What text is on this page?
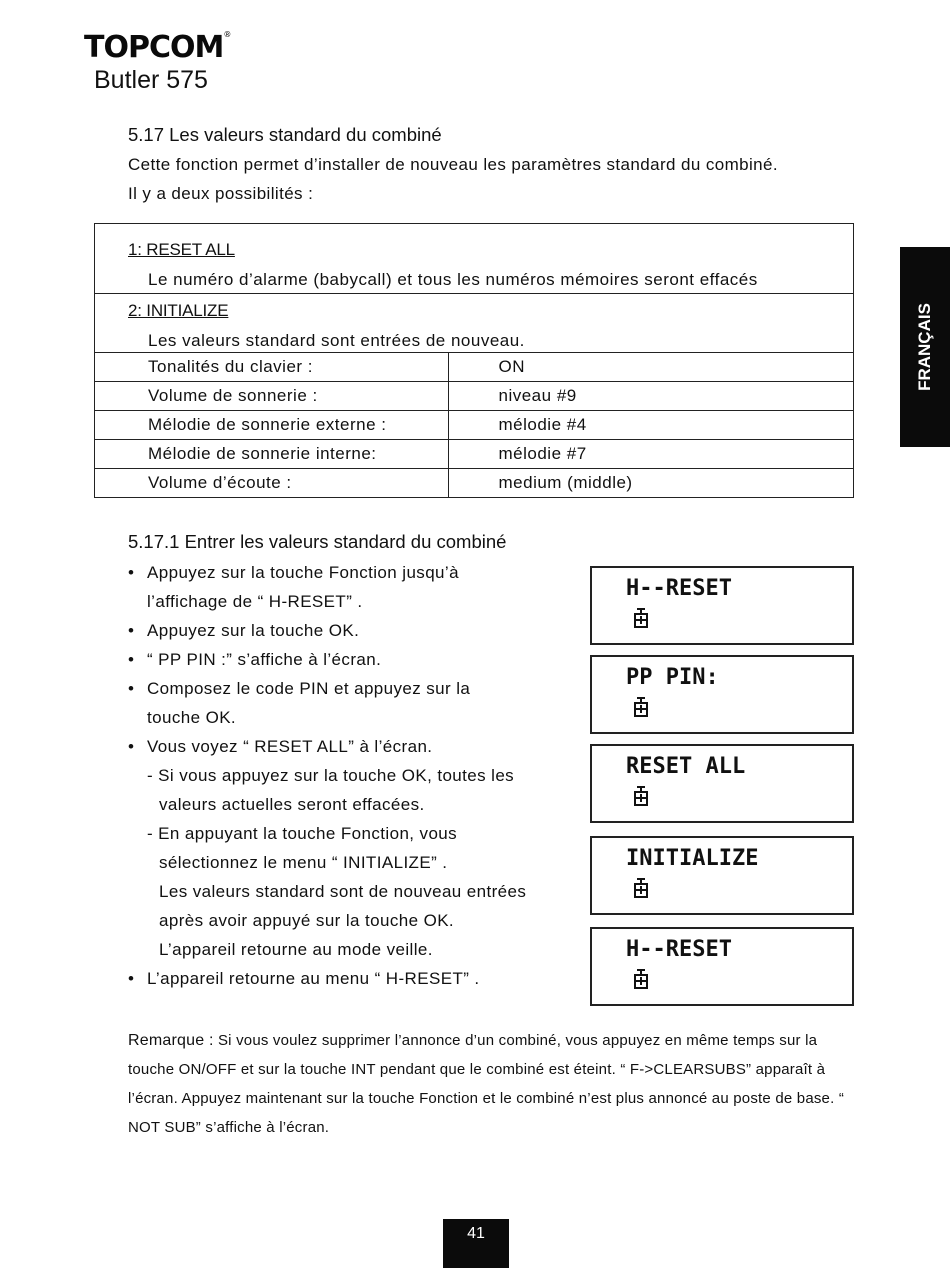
TOPCOM®
Butler 575
FRANÇAIS
5.17 Les valeurs standard du combiné
Cette fonction permet d’installer de nouveau les paramètres standard du combiné.
Il y a deux possibilités :
1: RESET ALL
Le numéro d’alarme (babycall) et tous les numéros mémoires seront effacés
2: INITIALIZE
Les valeurs standard sont entrées de nouveau.
Tonalités du clavier :	ON
Volume de sonnerie :	niveau #9
Mélodie de sonnerie externe :	mélodie #4
Mélodie de sonnerie interne:	mélodie #7
Volume d’écoute :	medium (middle)
5.17.1 Entrer les valeurs standard du combiné
• Appuyez sur la touche Fonction jusqu’à
l’affichage de “ H-RESET” .
• Appuyez sur la touche OK.
• “ PP PIN :” s’affiche à l’écran.
• Composez le code PIN et appuyez sur la
touche OK.
• Vous voyez “ RESET ALL” à l’écran.
- Si vous appuyez sur la touche OK, toutes les
valeurs actuelles seront effacées.
- En appuyant la touche Fonction, vous
sélectionnez le menu “ INITIALIZE” .
Les valeurs standard sont de nouveau entrées
après avoir appuyé sur la touche OK.
L’appareil retourne au mode veille.
• L’appareil retourne au menu “ H-RESET” .
H--RESET
PP PIN:
RESET ALL
INITIALIZE
H--RESET
Remarque : Si vous voulez supprimer l’annonce d’un combiné, vous appuyez en même temps sur la touche ON/OFF et sur la touche INT pendant que le combiné est éteint. “ F->CLEARSUBS” apparaît à l’écran. Appuyez maintenant sur la touche Fonction et le combiné n’est plus annoncé au poste de base. “ NOT SUB” s’affiche à l’écran.
41
